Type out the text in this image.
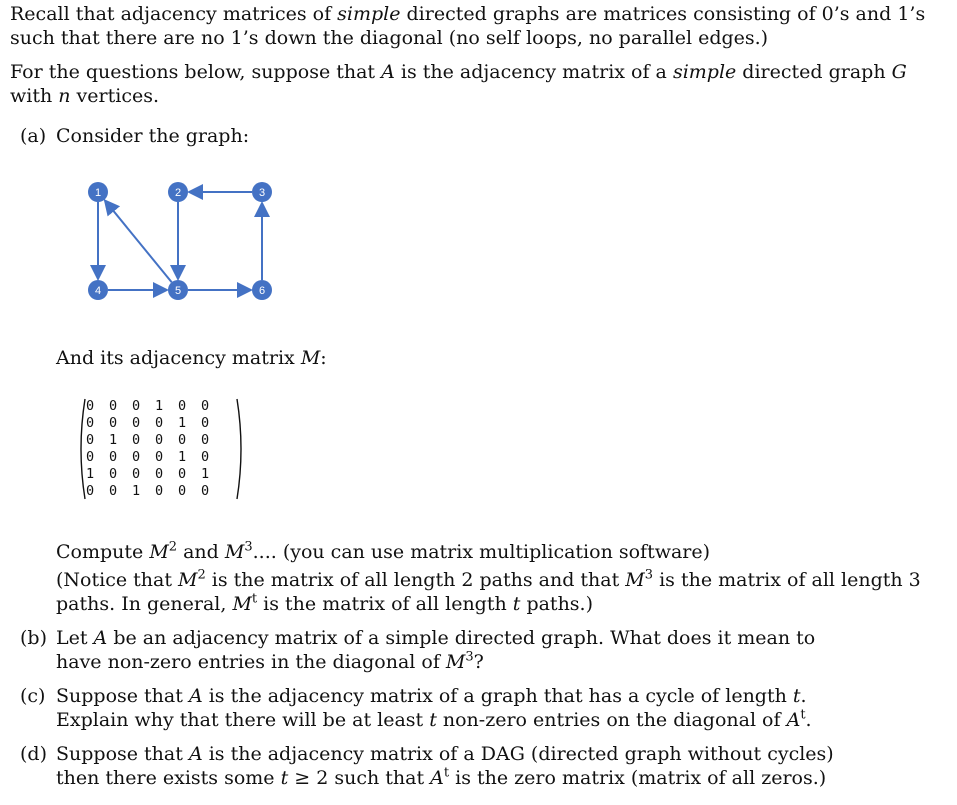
Recall that adjacency matrices of simple directed graphs are matrices consisting of 0’s and 1’s such that there are no 1’s down the diagonal (no self loops, no parallel edges.)
For the questions below, suppose that A is the adjacency matrix of a simple directed graph G with n vertices.
(a) Consider the graph:
1	2	3
4	5	6
And its adjacency matrix M:
0 0 0 1 0 0
0 0 0 0 1 0
0 1 0 0 0 0
0 0 0 0 1 0
1 0 0 0 0 1
0 0 1 0 0 0
Compute $M^2$ and $M^3$.... (you can use matrix multiplication software)
(Notice that $M^2$ is the matrix of all length 2 paths and that $M^3$ is the matrix of all length 3 paths. In general, $M^t$ is the matrix of all length t paths.)
(b) Let A be an adjacency matrix of a simple directed graph. What does it mean to have non-zero entries in the diagonal of $M^3$?
(c) Suppose that A is the adjacency matrix of a graph that has a cycle of length t. Explain why that there will be at least t non-zero entries on the diagonal of $A^t$.
(d) Suppose that A is the adjacency matrix of a DAG (directed graph without cycles) then there exists some t ≥ 2 such that $A^t$ is the zero matrix (matrix of all zeros.)
